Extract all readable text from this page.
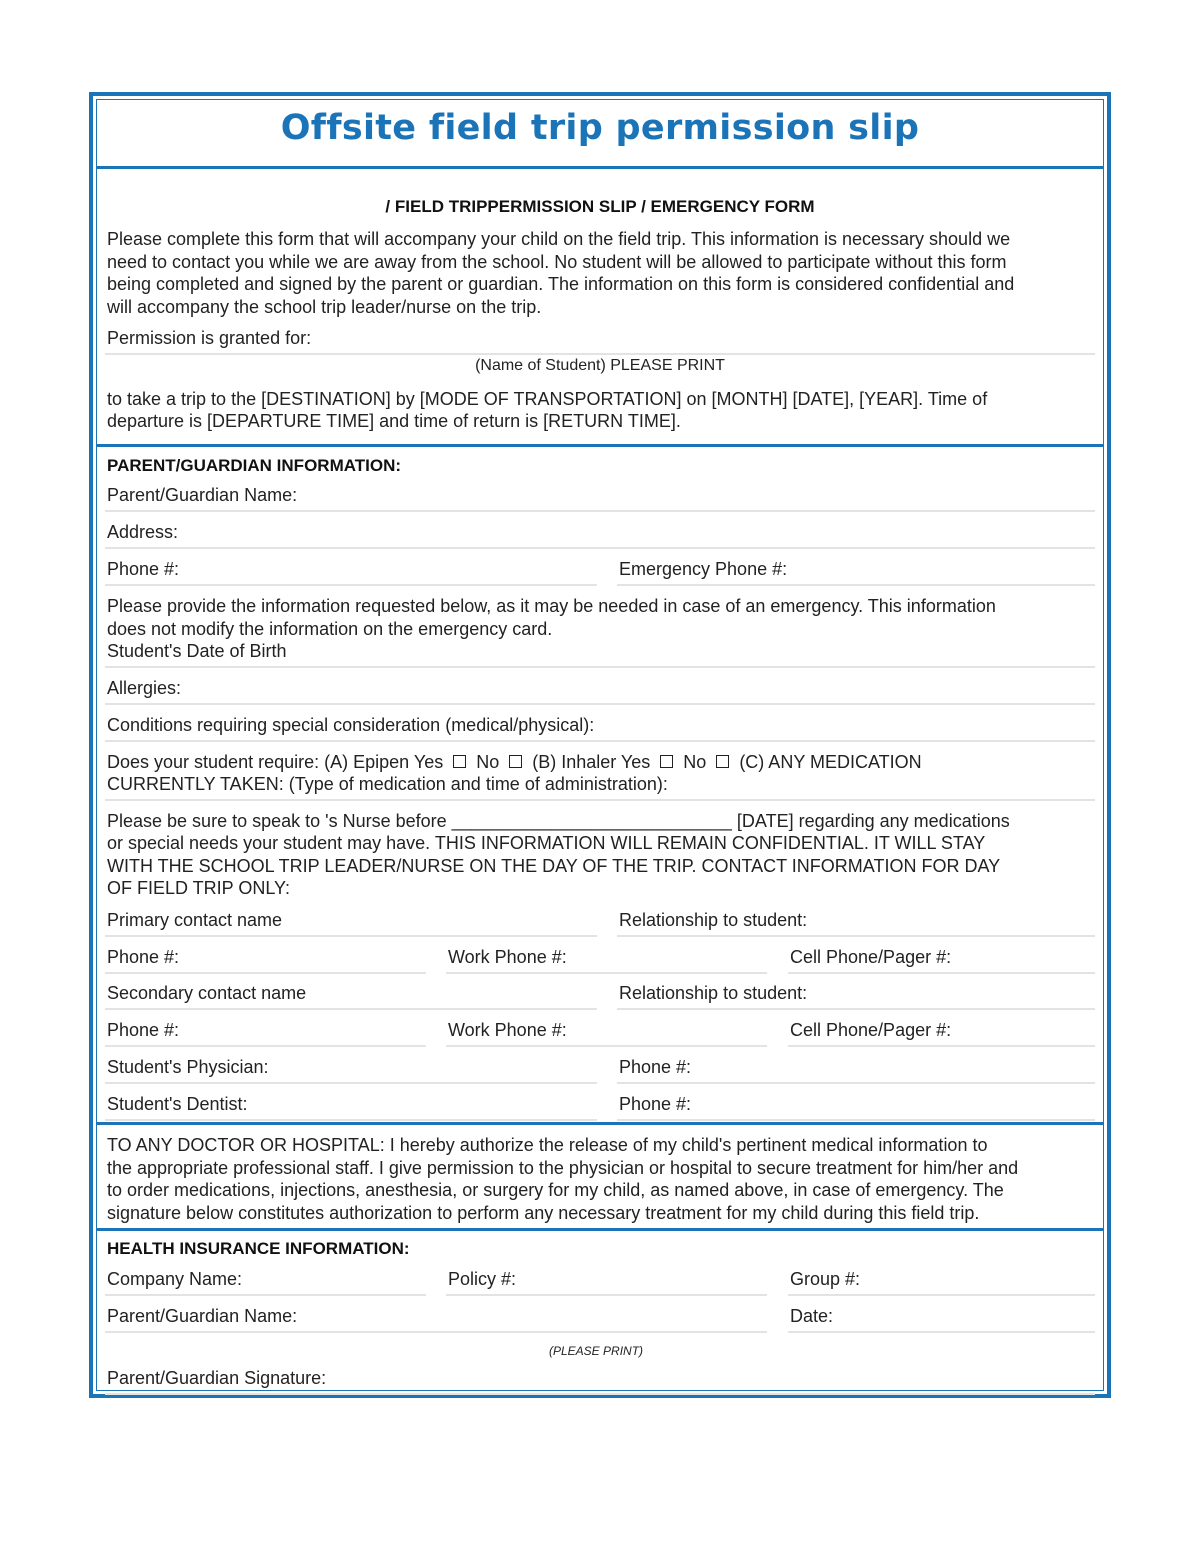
Offsite field trip permission slip
/ FIELD TRIPPERMISSION SLIP / EMERGENCY FORM
Please complete this form that will accompany your child on the field trip. This information is necessary should we
need to contact you while we are away from the school. No student will be allowed to participate without this form
being completed and signed by the parent or guardian. The information on this form is considered confidential and
will accompany the school trip leader/nurse on the trip.
Permission is granted for:
(Name of Student) PLEASE PRINT
to take a trip to the [DESTINATION] by [MODE OF TRANSPORTATION] on [MONTH] [DATE], [YEAR]. Time of
departure is [DEPARTURE TIME] and time of return is [RETURN TIME].
PARENT/GUARDIAN INFORMATION:
Parent/Guardian Name:
Address:
Phone #:	Emergency Phone #:
Please provide the information requested below, as it may be needed in case of an emergency. This information
does not modify the information on the emergency card.
Student's Date of Birth
Allergies:
Conditions requiring special consideration (medical/physical):
Does your student require: (A) Epipen Yes No (B) Inhaler Yes No (C) ANY MEDICATION
CURRENTLY TAKEN: (Type of medication and time of administration):
Please be sure to speak to 's Nurse before ____________________________ [DATE] regarding any medications
or special needs your student may have. THIS INFORMATION WILL REMAIN CONFIDENTIAL. IT WILL STAY
WITH THE SCHOOL TRIP LEADER/NURSE ON THE DAY OF THE TRIP. CONTACT INFORMATION FOR DAY
OF FIELD TRIP ONLY:
Primary contact name	Relationship to student:
Phone #:	Work Phone #:	Cell Phone/Pager #:
Secondary contact name	Relationship to student:
Phone #:	Work Phone #:	Cell Phone/Pager #:
Student's Physician:	Phone #:
Student's Dentist:	Phone #:
TO ANY DOCTOR OR HOSPITAL: I hereby authorize the release of my child's pertinent medical information to
the appropriate professional staff. I give permission to the physician or hospital to secure treatment for him/her and
to order medications, injections, anesthesia, or surgery for my child, as named above, in case of emergency. The
signature below constitutes authorization to perform any necessary treatment for my child during this field trip.
HEALTH INSURANCE INFORMATION:
Company Name:	Policy #:	Group #:
Parent/Guardian Name:	Date:
(PLEASE PRINT)
Parent/Guardian Signature:
